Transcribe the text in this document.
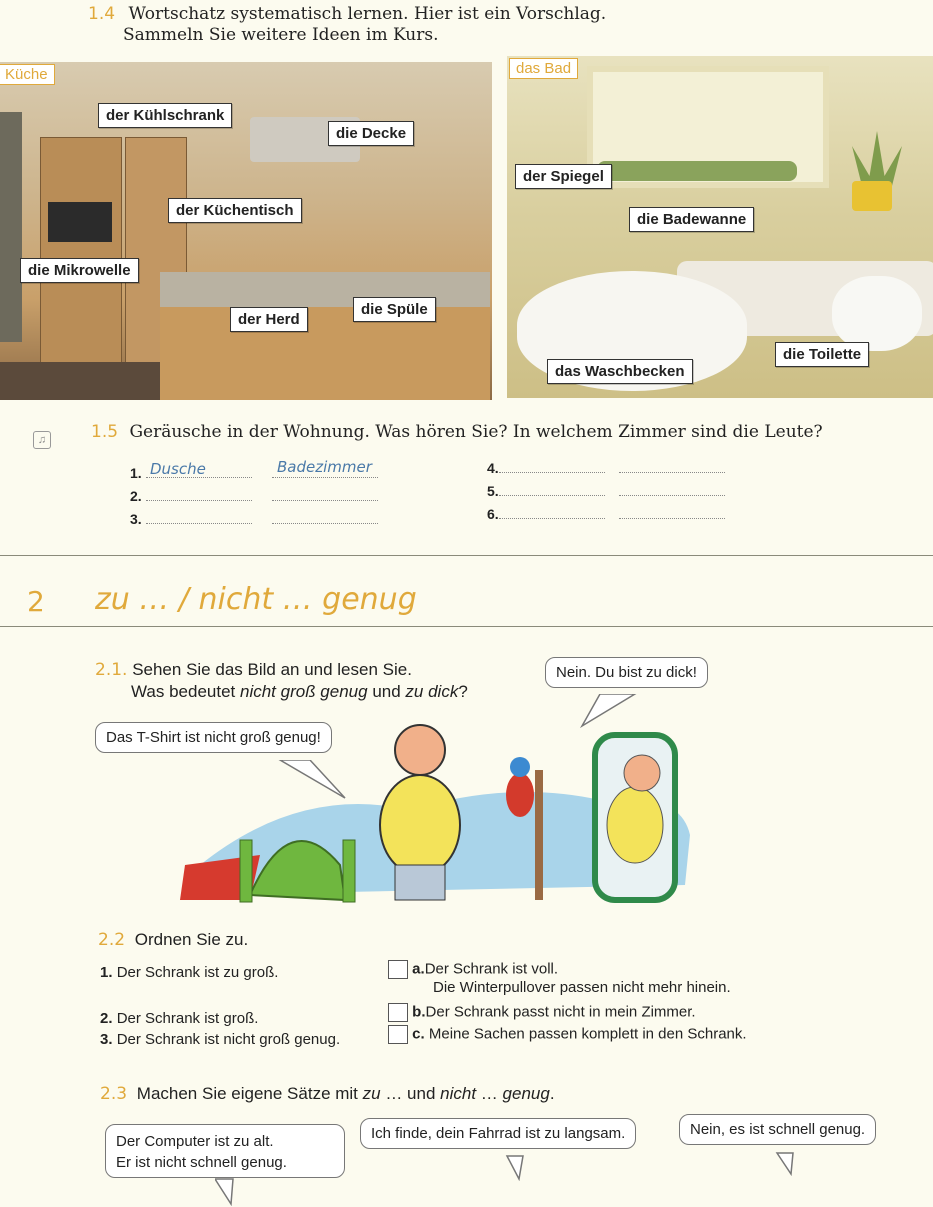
1.4 Wortschatz systematisch lernen. Hier ist ein Vorschlag.
Sammeln Sie weitere Ideen im Kurs.
Küche
der Kühlschrank
die Decke
der Küchentisch
die Mikrowelle
der Herd
die Spüle
das Bad
der Spiegel
die Badewanne
die Toilette
das Waschbecken
♫	1.5 Geräusche in der Wohnung. Was hören Sie? In welchem Zimmer sind die Leute?
1. Dusche	Badezimmer
2.
3.
4.
5.
6.
2 zu … / nicht … genug
2.1. Sehen Sie das Bild an und lesen Sie.
Was bedeutet nicht groß genug und zu dick?
Das T-Shirt ist nicht groß genug!
Nein. Du bist zu dick!
2.2 Ordnen Sie zu.
1. Der Schrank ist zu groß.
2. Der Schrank ist groß.
3. Der Schrank ist nicht groß genug.
a.Der Schrank ist voll.
Die Winterpullover passen nicht mehr hinein.
b.Der Schrank passt nicht in mein Zimmer.
c. Meine Sachen passen komplett in den Schrank.
2.3 Machen Sie eigene Sätze mit zu … und nicht … genug.
Der Computer ist zu alt.
Er ist nicht schnell genug.
Ich finde, dein Fahrrad ist zu langsam.	Nein, es ist schnell genug.
